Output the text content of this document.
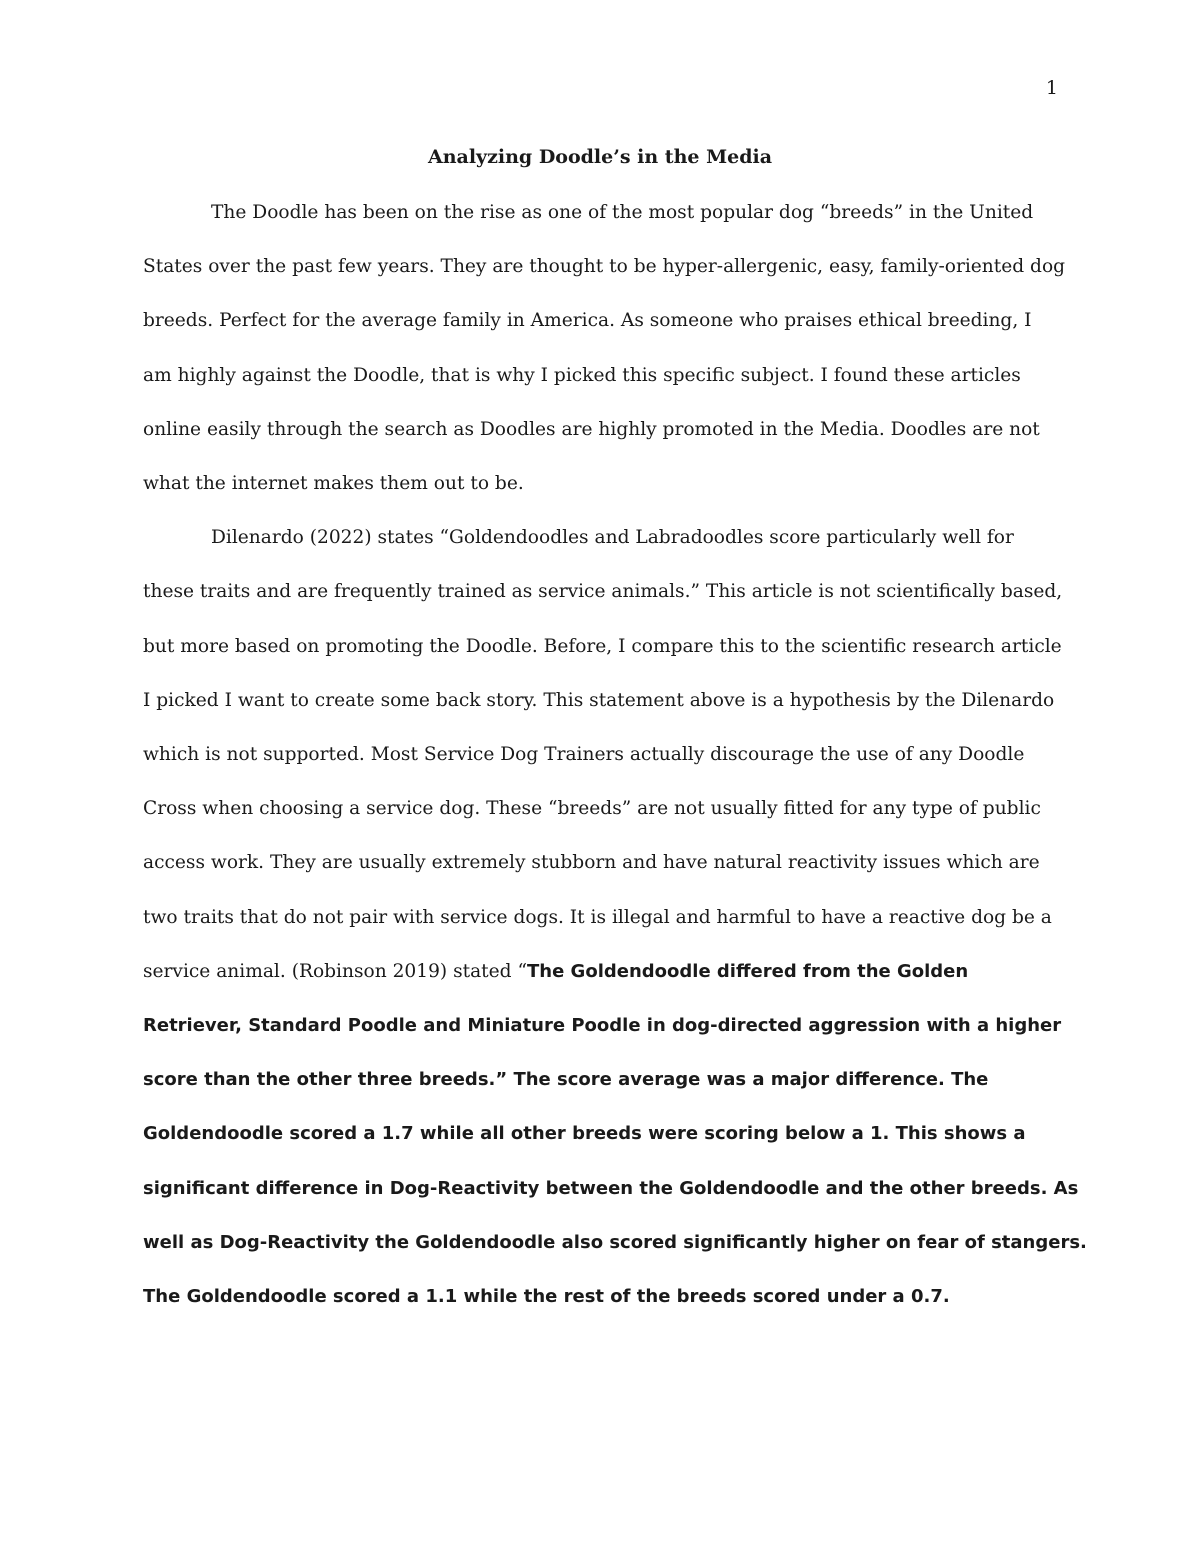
1
Analyzing Doodle’s in the Media
The Doodle has been on the rise as one of the most popular dog “breeds” in the United
States over the past few years. They are thought to be hyper-allergenic, easy, family-oriented dog
breeds. Perfect for the average family in America. As someone who praises ethical breeding, I
am highly against the Doodle, that is why I picked this specific subject. I found these articles
online easily through the search as Doodles are highly promoted in the Media. Doodles are not
what the internet makes them out to be.
Dilenardo (2022) states “Goldendoodles and Labradoodles score particularly well for
these traits and are frequently trained as service animals.” This article is not scientifically based,
but more based on promoting the Doodle. Before, I compare this to the scientific research article
I picked I want to create some back story. This statement above is a hypothesis by the Dilenardo
which is not supported. Most Service Dog Trainers actually discourage the use of any Doodle
Cross when choosing a service dog. These “breeds” are not usually fitted for any type of public
access work. They are usually extremely stubborn and have natural reactivity issues which are
two traits that do not pair with service dogs. It is illegal and harmful to have a reactive dog be a
service animal. (Robinson 2019) stated “The Goldendoodle differed from the Golden
Retriever, Standard Poodle and Miniature Poodle in dog-directed aggression with a higher
score than the other three breeds.” The score average was a major difference. The
Goldendoodle scored a 1.7 while all other breeds were scoring below a 1. This shows a
significant difference in Dog-Reactivity between the Goldendoodle and the other breeds. As
well as Dog-Reactivity the Goldendoodle also scored significantly higher on fear of stangers.
The Goldendoodle scored a 1.1 while the rest of the breeds scored under a 0.7.
